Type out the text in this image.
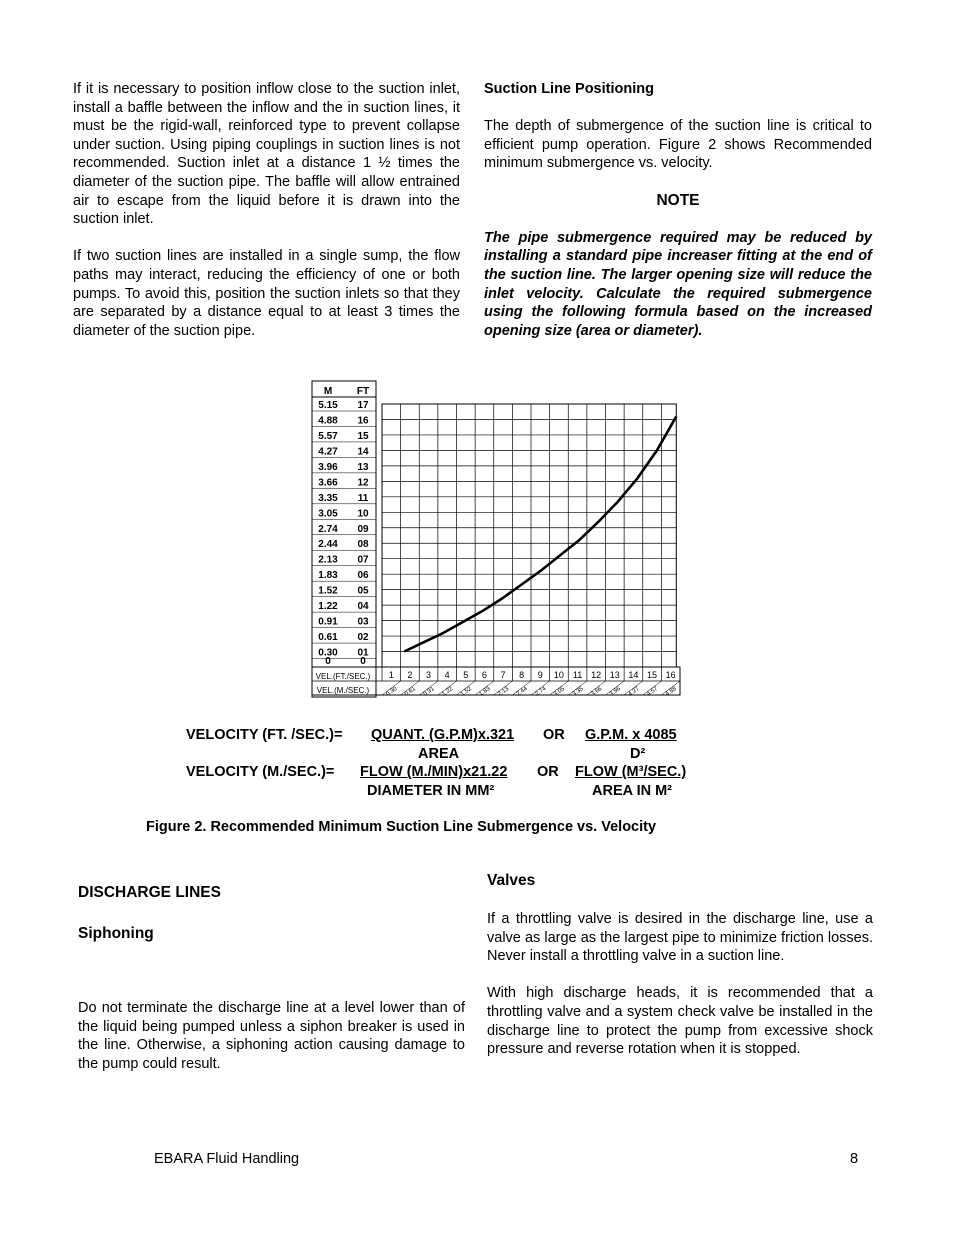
If it is necessary to position inflow close to the suction inlet, install a baffle between the inflow and the in suction lines, it must be the rigid-wall, reinforced type to prevent collapse under suction. Using piping couplings in suction lines is not recommended. Suction inlet at a distance 1 ½ times the diameter of the suction pipe. The baffle will allow entrained air to escape from the liquid before it is drawn into the suction inlet.

If two suction lines are installed in a single sump, the flow paths may interact, reducing the efficiency of one or both pumps. To avoid this, position the suction inlets so that they are separated by a distance equal to at least 3 times the diameter of the suction pipe.

Suction Line Positioning

The depth of submergence of the suction line is critical to efficient pump operation. Figure 2 shows Recommended minimum submergence vs. velocity.

NOTE

The pipe submergence required may be reduced by installing a standard pipe increaser fitting at the end of the suction line. The larger opening size will reduce the inlet velocity. Calculate the required submergence using the following formula based on the increased opening size (area or diameter).

0	0
0.30 01
0.61 02
0.91 03
1.22 04
1.52 05
1.83 06
2.13 07
2.44 08
2.74 09
3.05 10
3.35 11
3.66 12
3.96 13
4.27 14
5.57 15
4.88 16
5.15 17
1
0.30
2
0.61
3
0.91
4
1.22
5
1.52
6
1.83
7
2.13
8
2.44
9
2.74
10
3.05
11
3.35
12
3.66
13
3.96
14
4.27
15
4.57
16
4.88
M FT
VEL.(FT./SEC.)
VEL.(M./SEC.)
VELOCITY (FT. /SEC.)= QUANT. (G.P.M)x.321 OR G.P.M. x 4085
AREA	D²
VELOCITY (M./SEC.)= FLOW (M./MIN)x21.22 OR FLOW (M³/SEC.)
DIAMETER IN MM²	AREA IN M²
Figure 2. Recommended Minimum Suction Line Submergence vs. Velocity
DISCHARGE LINES
Siphoning
Do not terminate the discharge line at a level lower than of the liquid being pumped unless a siphon breaker is used in the line. Otherwise, a siphoning action causing damage to the pump could result.
Valves

If a throttling valve is desired in the discharge line, use a valve as large as the largest pipe to minimize friction losses. Never install a throttling valve in a suction line.

With high discharge heads, it is recommended that a throttling valve and a system check valve be installed in the discharge line to protect the pump from excessive shock pressure and reverse rotation when it is stopped.

EBARA Fluid Handling	8
